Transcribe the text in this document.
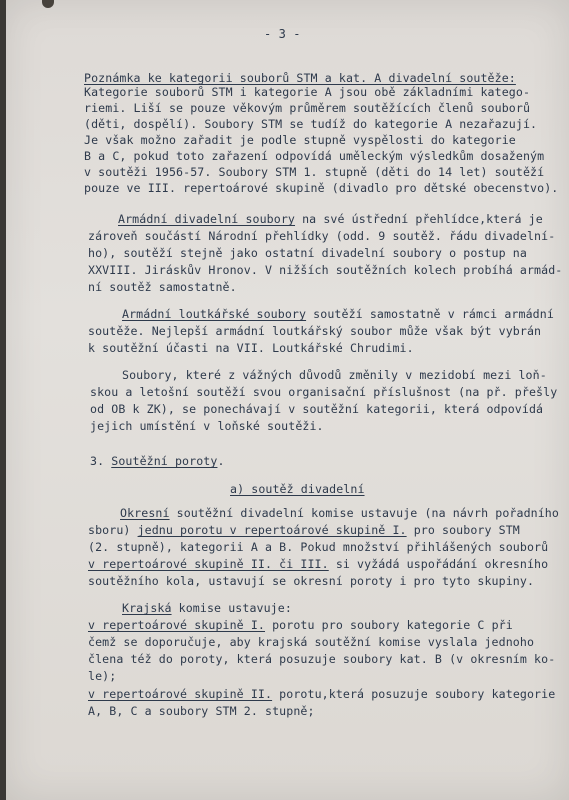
- 3 -
Poznámka ke kategorii souborů STM a kat. A divadelní soutěže:
Kategorie souborů STM i kategorie A jsou obě základními katego-
riemi. Liší se pouze věkovým průměrem soutěžících členů souborů
(děti, dospělí). Soubory STM se tudíž do kategorie A nezařazují.
Je však možno zařadit je podle stupně vyspělosti do kategorie
B a C, pokud toto zařazení odpovídá uměleckým výsledkům dosaženým
v soutěži 1956-57. Soubory STM 1. stupně (děti do 14 let) soutěží
pouze ve III. repertoárové skupině (divadlo pro dětské obecenstvo).
Armádní divadelní soubory na své ústřední přehlídce,která je
zároveň součástí Národní přehlídky (odd. 9 soutěž. řádu divadelní-
ho), soutěží stejně jako ostatní divadelní soubory o postup na
XXVIII. Jiráskův Hronov. V nižších soutěžních kolech probíhá armád-
ní soutěž samostatně.
Armádní loutkářské soubory soutěží samostatně v rámci armádní
soutěže. Nejlepší armádní loutkářský soubor může však být vybrán
k soutěžní účasti na VII. Loutkářské Chrudimi.
Soubory, které z vážných důvodů změnily v mezidobí mezi loň-
skou a letošní soutěží svou organisační příslušnost (na př. přešly
od OB k ZK), se ponechávají v soutěžní kategorii, která odpovídá
jejich umístění v loňské soutěži.
3. Soutěžní poroty.
a) soutěž divadelní
Okresní soutěžní divadelní komise ustavuje (na návrh pořadního
sboru) jednu porotu v repertoárové skupině I. pro soubory STM
(2. stupně), kategorii A a B. Pokud množství přihlášených souborů
v repertoárové skupině II. či III. si vyžádá uspořádání okresního
soutěžního kola, ustavují se okresní poroty i pro tyto skupiny.
Krajská komise ustavuje:
v repertoárové skupině I. porotu pro soubory kategorie C při
čemž se doporučuje, aby krajská soutěžní komise vyslala jednoho
člena též do poroty, která posuzuje soubory kat. B (v okresním ko-
le);
v repertoárové skupině II. porotu,která posuzuje soubory kategorie
A, B, C a soubory STM 2. stupně;
